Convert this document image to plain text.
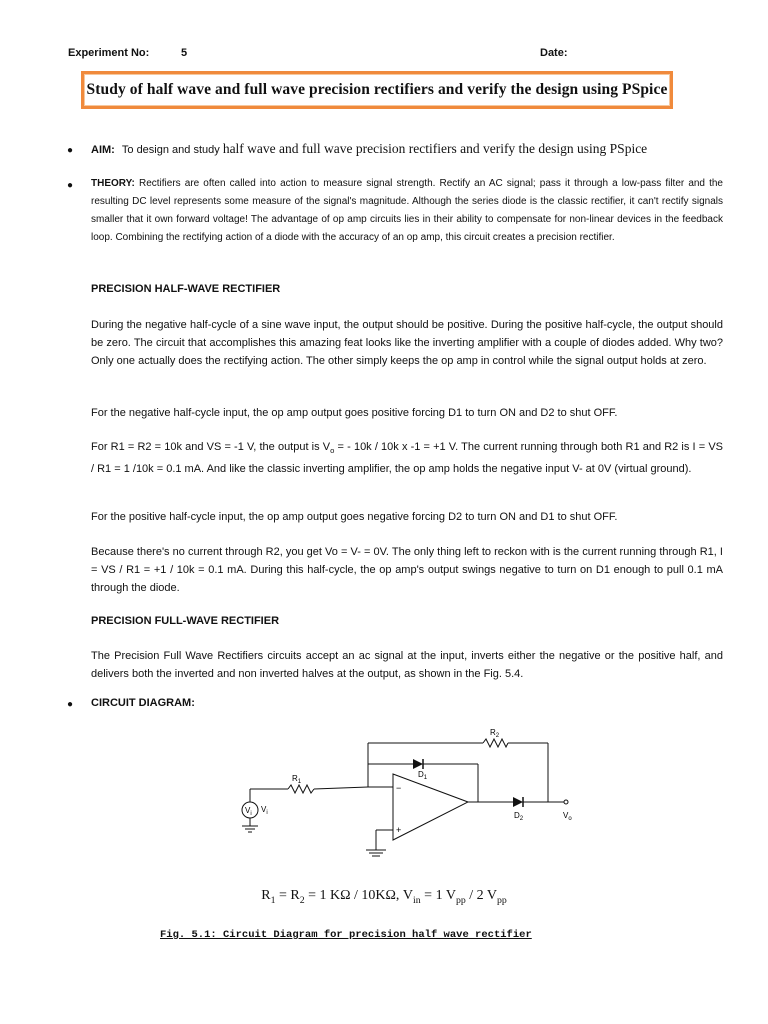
Experiment No:	5	Date:
Study of half wave and full wave precision rectifiers and verify the design using PSpice
● AIM: To design and study half wave and full wave precision rectifiers and verify the design using PSpice
● THEORY: Rectifiers are often called into action to measure signal strength. Rectify an AC signal; pass it through a low-pass filter and the resulting DC level represents some measure of the signal's magnitude. Although the series diode is the classic rectifier, it can't rectify signals smaller that it own forward voltage! The advantage of op amp circuits lies in their ability to compensate for non-linear devices in the feedback loop. Combining the rectifying action of a diode with the accuracy of an op amp, this circuit creates a precision rectifier.
PRECISION HALF-WAVE RECTIFIER
During the negative half-cycle of a sine wave input, the output should be positive. During the positive half-cycle, the output should be zero. The circuit that accomplishes this amazing feat looks like the inverting amplifier with a couple of diodes added. Why two? Only one actually does the rectifying action. The other simply keeps the op amp in control while the signal output holds at zero.
For the negative half-cycle input, the op amp output goes positive forcing D1 to turn ON and D2 to shut OFF.
For R1 = R2 = 10k and VS = -1 V, the output is $V_o$ = - 10k / 10k x -1 = +1 V. The current running through both R1 and R2 is I = VS / R1 = 1 /10k = 0.1 mA. And like the classic inverting amplifier, the op amp holds the negative input V- at 0V (virtual ground).
For the positive half-cycle input, the op amp output goes negative forcing D2 to turn ON and D1 to shut OFF.
Because there's no current through R2, you get Vo = V- = 0V. The only thing left to reckon with is the current running through R1, I = VS / R1 = +1 / 10k = 0.1 mA. During this half-cycle, the op amp's output swings negative to turn on D1 enough to pull 0.1 mA through the diode.
PRECISION FULL-WAVE RECTIFIER
The Precision Full Wave Rectifiers circuits accept an ac signal at the input, inverts either the negative or the positive half, and delivers both the inverted and non inverted halves at the output, as shown in the Fig. 5.4.
● CIRCUIT DIAGRAM:
$R_2$
$D_1$
$D_2$
$R_1$
$V_i$ $V_i$	$V_o$
−
+
$R_1 = R_2 = 1$ KΩ / 10KΩ, $V_{in} = 1$ $V_{pp} / 2$ $V_{pp}$
Fig. 5.1: Circuit Diagram for precision half wave rectifier
